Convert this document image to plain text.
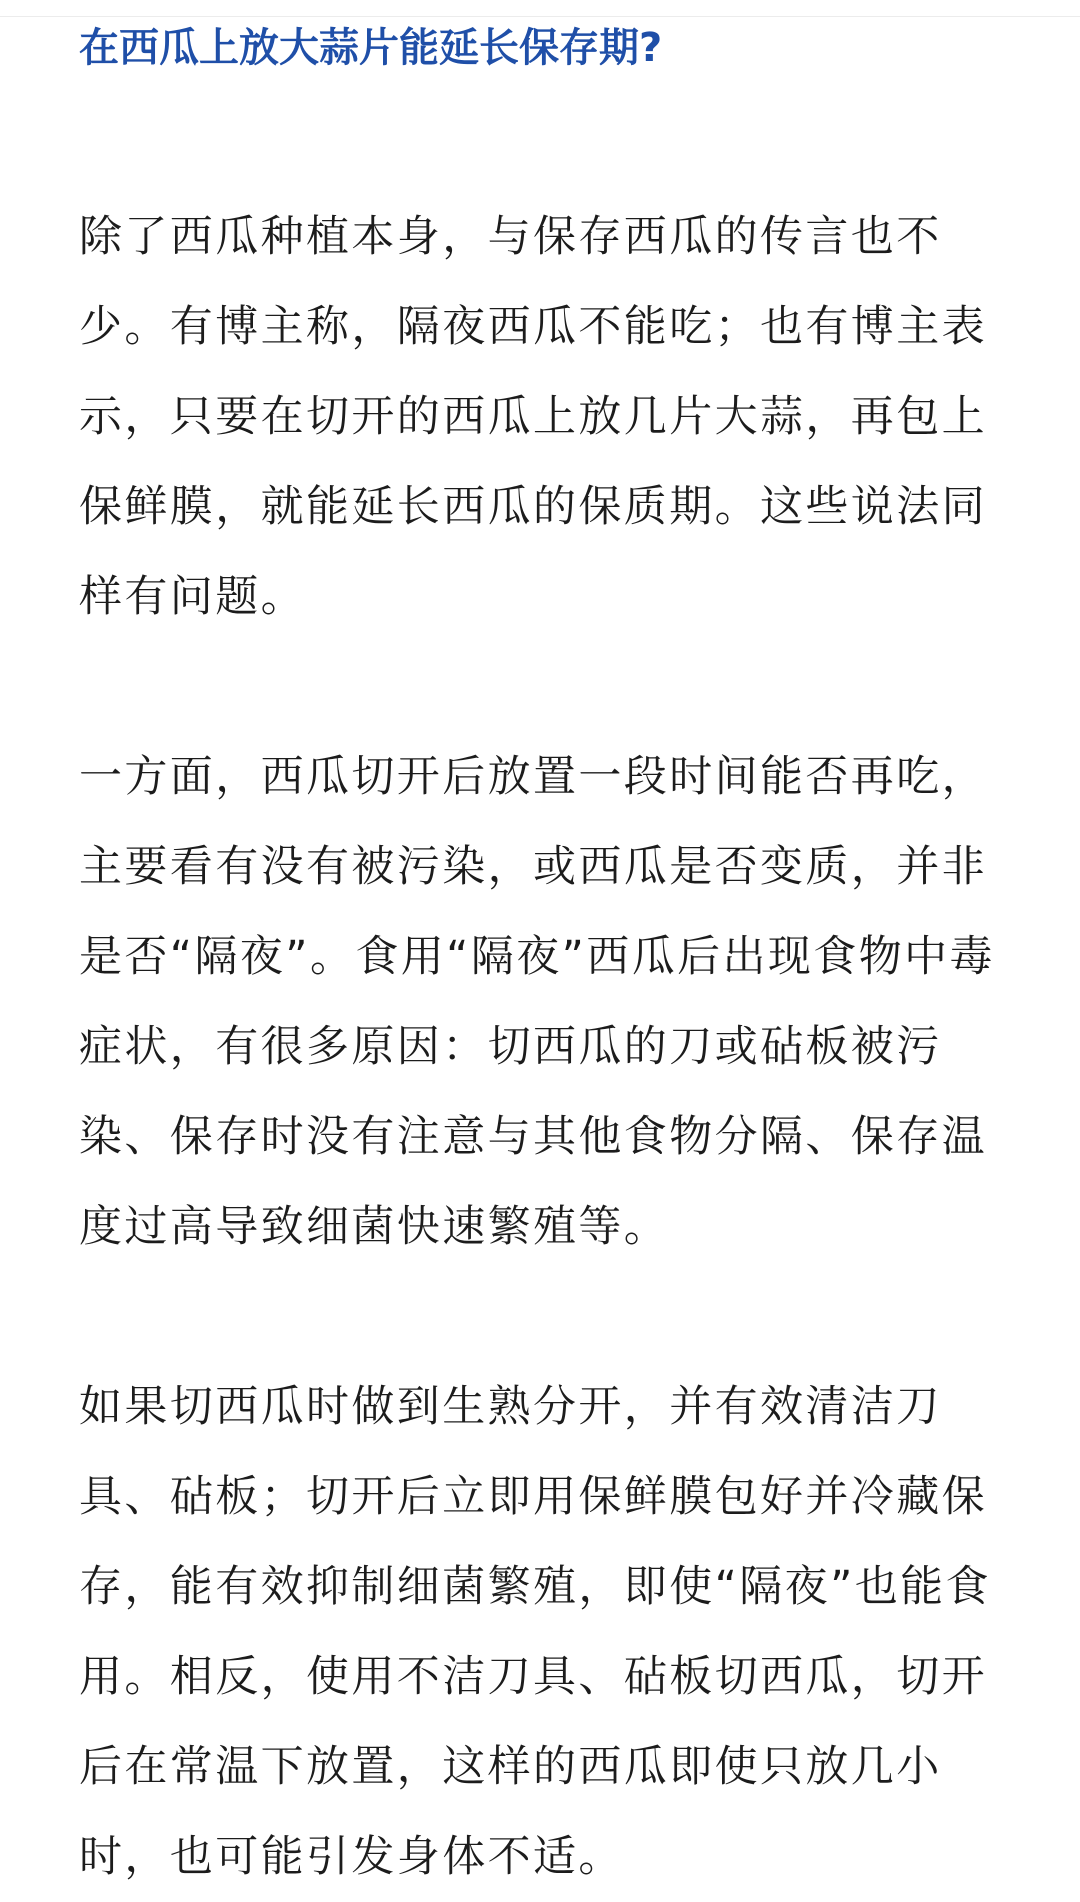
在西瓜上放大蒜片能延长保存期?

除了西瓜种植本身，与保存西瓜的传言也不少。有博主称，隔夜西瓜不能吃；也有博主表示，只要在切开的西瓜上放几片大蒜，再包上保鲜膜，就能延长西瓜的保质期。这些说法同样有问题。

一方面，西瓜切开后放置一段时间能否再吃，主要看有没有被污染，或西瓜是否变质，并非是否“隔夜”。食用“隔夜”西瓜后出现食物中毒症状，有很多原因：切西瓜的刀或砧板被污染、保存时没有注意与其他食物分隔、保存温度过高导致细菌快速繁殖等。

如果切西瓜时做到生熟分开，并有效清洁刀具、砧板；切开后立即用保鲜膜包好并冷藏保存，能有效抑制细菌繁殖，即使“隔夜”也能食用。相反，使用不洁刀具、砧板切西瓜，切开后在常温下放置，这样的西瓜即使只放几小时，也可能引发身体不适。
